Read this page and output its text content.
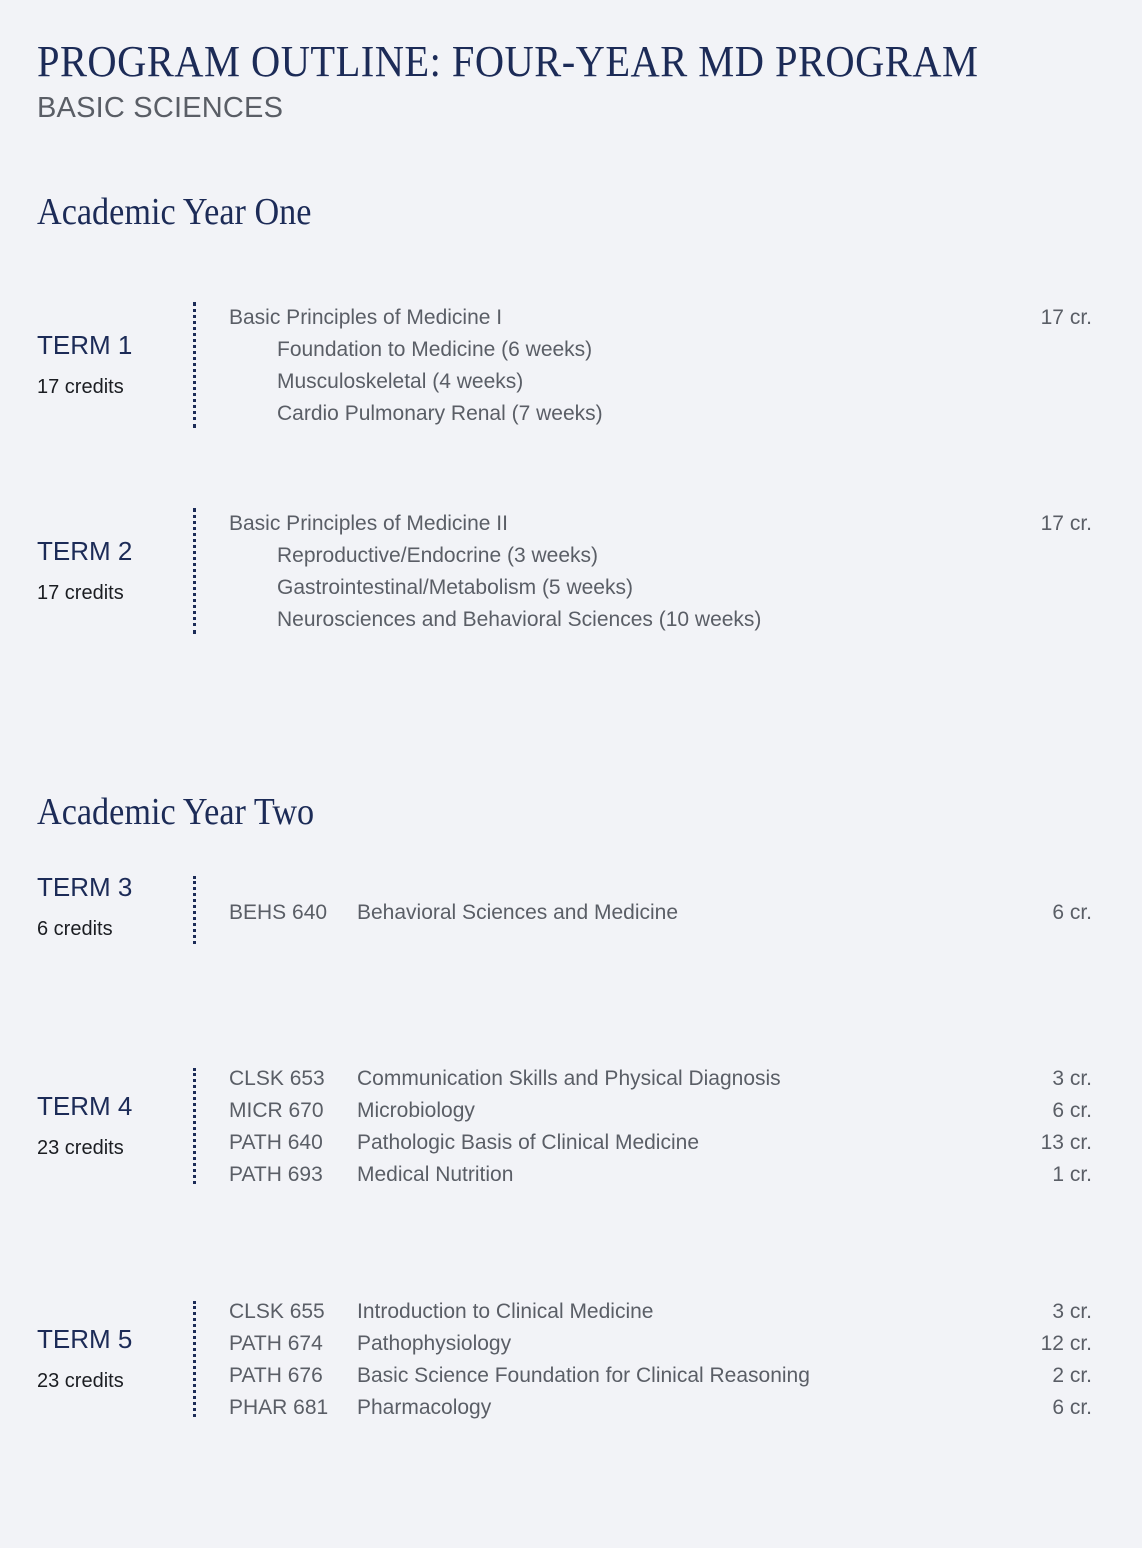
PROGRAM OUTLINE: FOUR-YEAR MD PROGRAM
BASIC SCIENCES
Academic Year One
TERM 1
17 credits
Basic Principles of Medicine I	17 cr.
Foundation to Medicine (6 weeks)
Musculoskeletal (4 weeks)
Cardio Pulmonary Renal (7 weeks)
TERM 2
17 credits
Basic Principles of Medicine II	17 cr.
Reproductive/Endocrine (3 weeks)
Gastrointestinal/Metabolism (5 weeks)
Neurosciences and Behavioral Sciences (10 weeks)
Academic Year Two
TERM 3
6 credits
BEHS 640 Behavioral Sciences and Medicine	6 cr.
TERM 4
23 credits
CLSK 653 Communication Skills and Physical Diagnosis	3 cr.
MICR 670 Microbiology	6 cr.
PATH 640 Pathologic Basis of Clinical Medicine	13 cr.
PATH 693 Medical Nutrition	1 cr.
TERM 5
23 credits
CLSK 655 Introduction to Clinical Medicine	3 cr.
PATH 674 Pathophysiology	12 cr.
PATH 676 Basic Science Foundation for Clinical Reasoning	2 cr.
PHAR 681 Pharmacology	6 cr.
